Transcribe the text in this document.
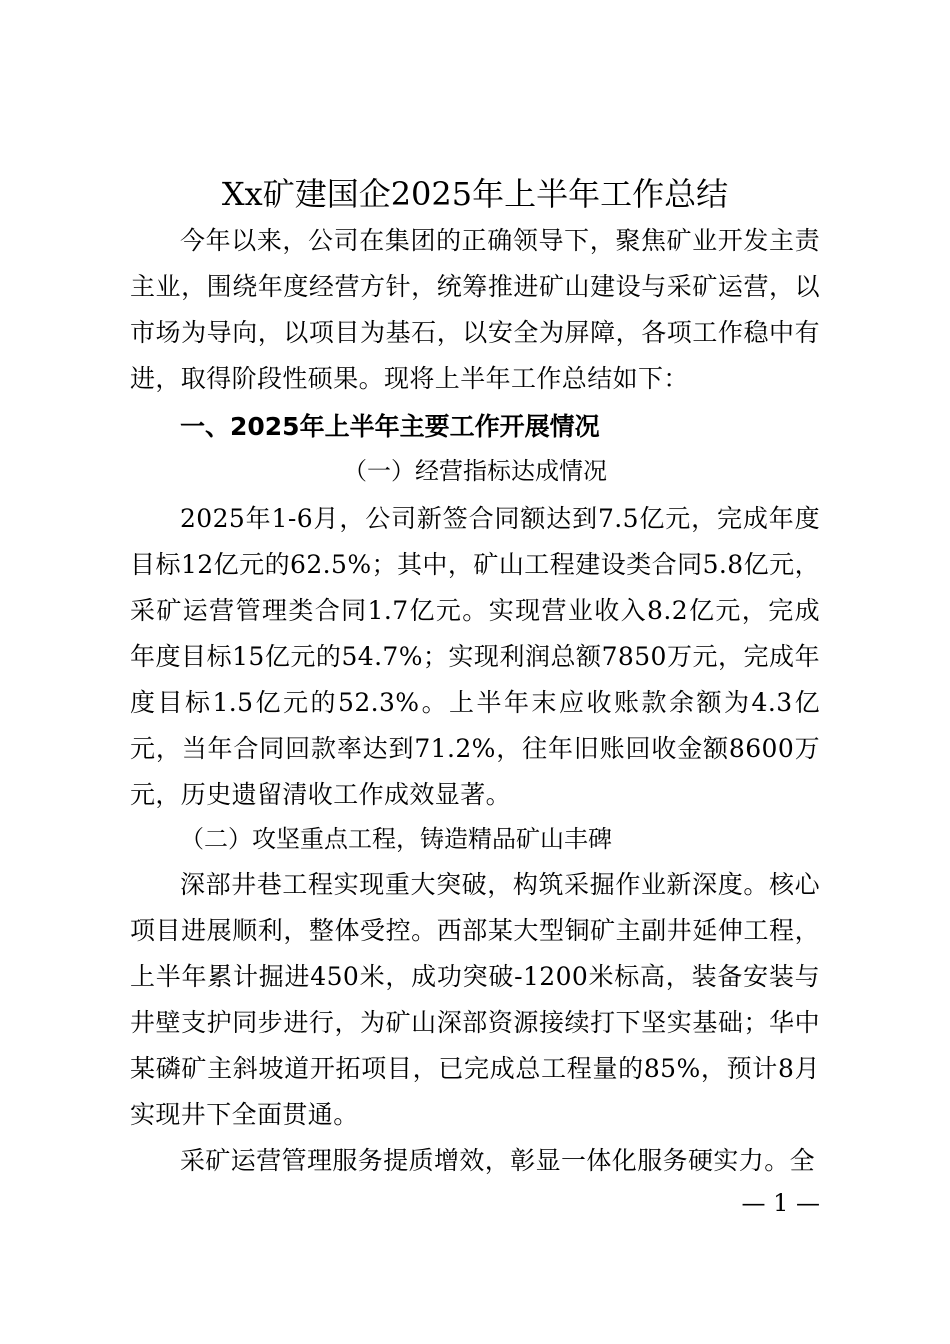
Xx矿建国企2025年上半年工作总结

今年以来，公司在集团的正确领导下，聚焦矿业开发主责主业，围绕年度经营方针，统筹推进矿山建设与采矿运营，以市场为导向，以项目为基石，以安全为屏障，各项工作稳中有进，取得阶段性硕果。现将上半年工作总结如下：

一、2025年上半年主要工作开展情况
（一）经营指标达成情况

2025年1-6月，公司新签合同额达到7.5亿元，完成年度目标12亿元的62.5%；其中，矿山工程建设类合同5.8亿元，采矿运营管理类合同1.7亿元。实现营业收入8.2亿元，完成年度目标15亿元的54.7%；实现利润总额7850万元，完成年度目标1.5亿元的52.3%。上半年末应收账款余额为4.3亿元，当年合同回款率达到71.2%，往年旧账回收金额8600万元，历史遗留清收工作成效显著。

（二）攻坚重点工程，铸造精品矿山丰碑

深部井巷工程实现重大突破，构筑采掘作业新深度。核心项目进展顺利，整体受控。西部某大型铜矿主副井延伸工程，上半年累计掘进450米，成功突破-1200米标高，装备安装与井壁支护同步进行，为矿山深部资源接续打下坚实基础；华中某磷矿主斜坡道开拓项目，已完成总工程量的85%，预计8月实现井下全面贯通。

采矿运营管理服务提质增效，彰显一体化服务硬实力。全

— 1 —
